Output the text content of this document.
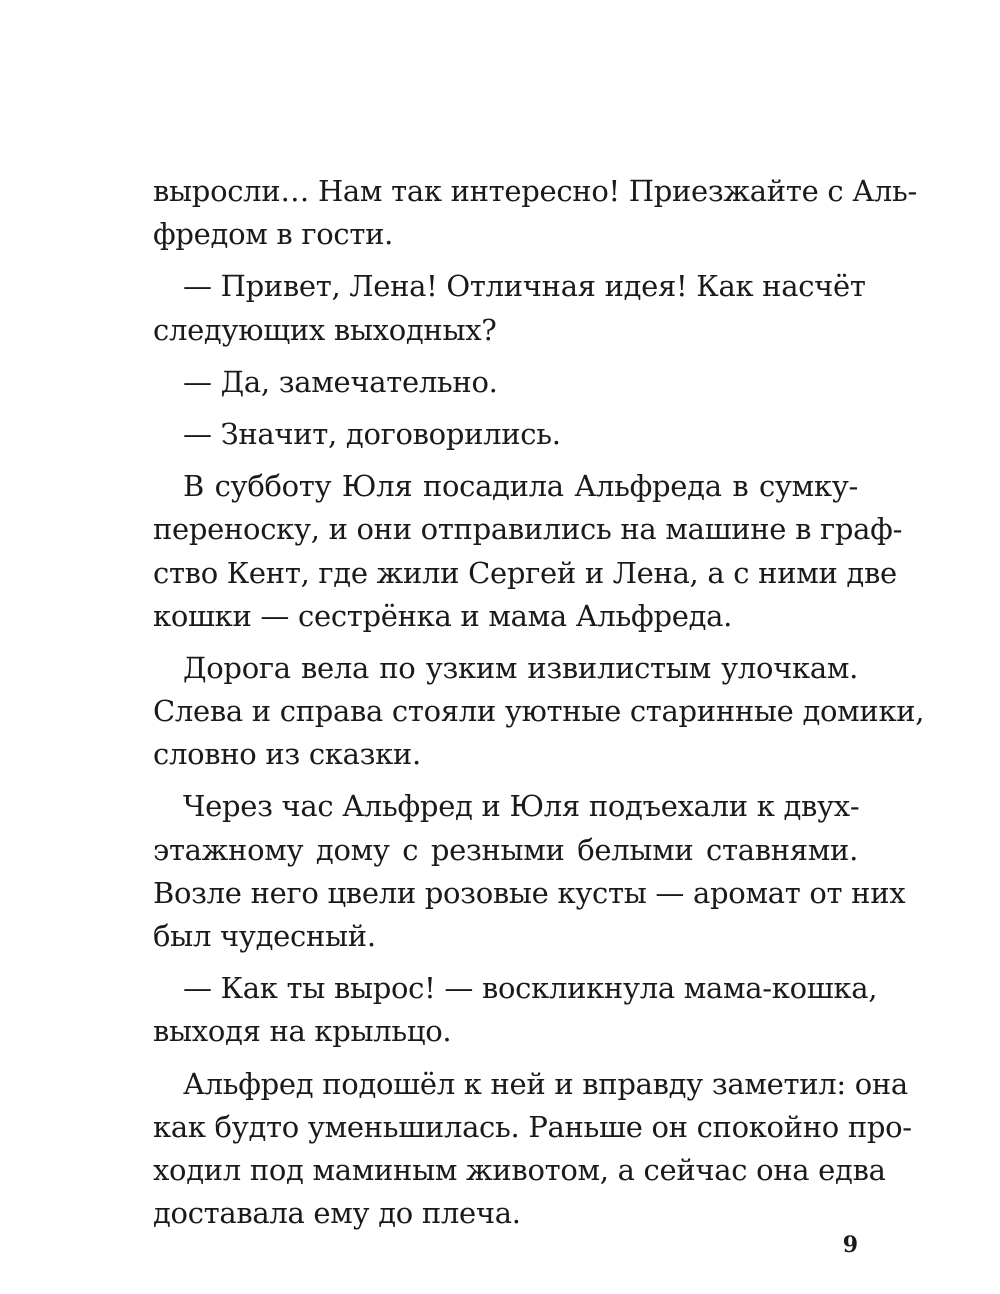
выросли… Нам так интересно! Приезжайте с Аль-
фредом в гости.
— Привет, Лена! Отличная идея! Как насчёт
следующих выходных?
— Да, замечательно.
— Значит, договорились.
В субботу Юля посадила Альфреда в сумку-
переноску, и они отправились на машине в граф-
ство Кент, где жили Сергей и Лена, а с ними две
кошки — сестрёнка и мама Альфреда.
Дорога вела по узким извилистым улочкам.
Слева и справа стояли уютные старинные домики,
словно из сказки.
Через час Альфред и Юля подъехали к двух-
этажному дому с резными белыми ставнями.
Возле него цвели розовые кусты — аромат от них
был чудесный.
— Как ты вырос! — воскликнула мама-кошка,
выходя на крыльцо.
Альфред подошёл к ней и вправду заметил: она
как будто уменьшилась. Раньше он спокойно про-
ходил под маминым животом, а сейчас она едва
доставала ему до плеча.
9
